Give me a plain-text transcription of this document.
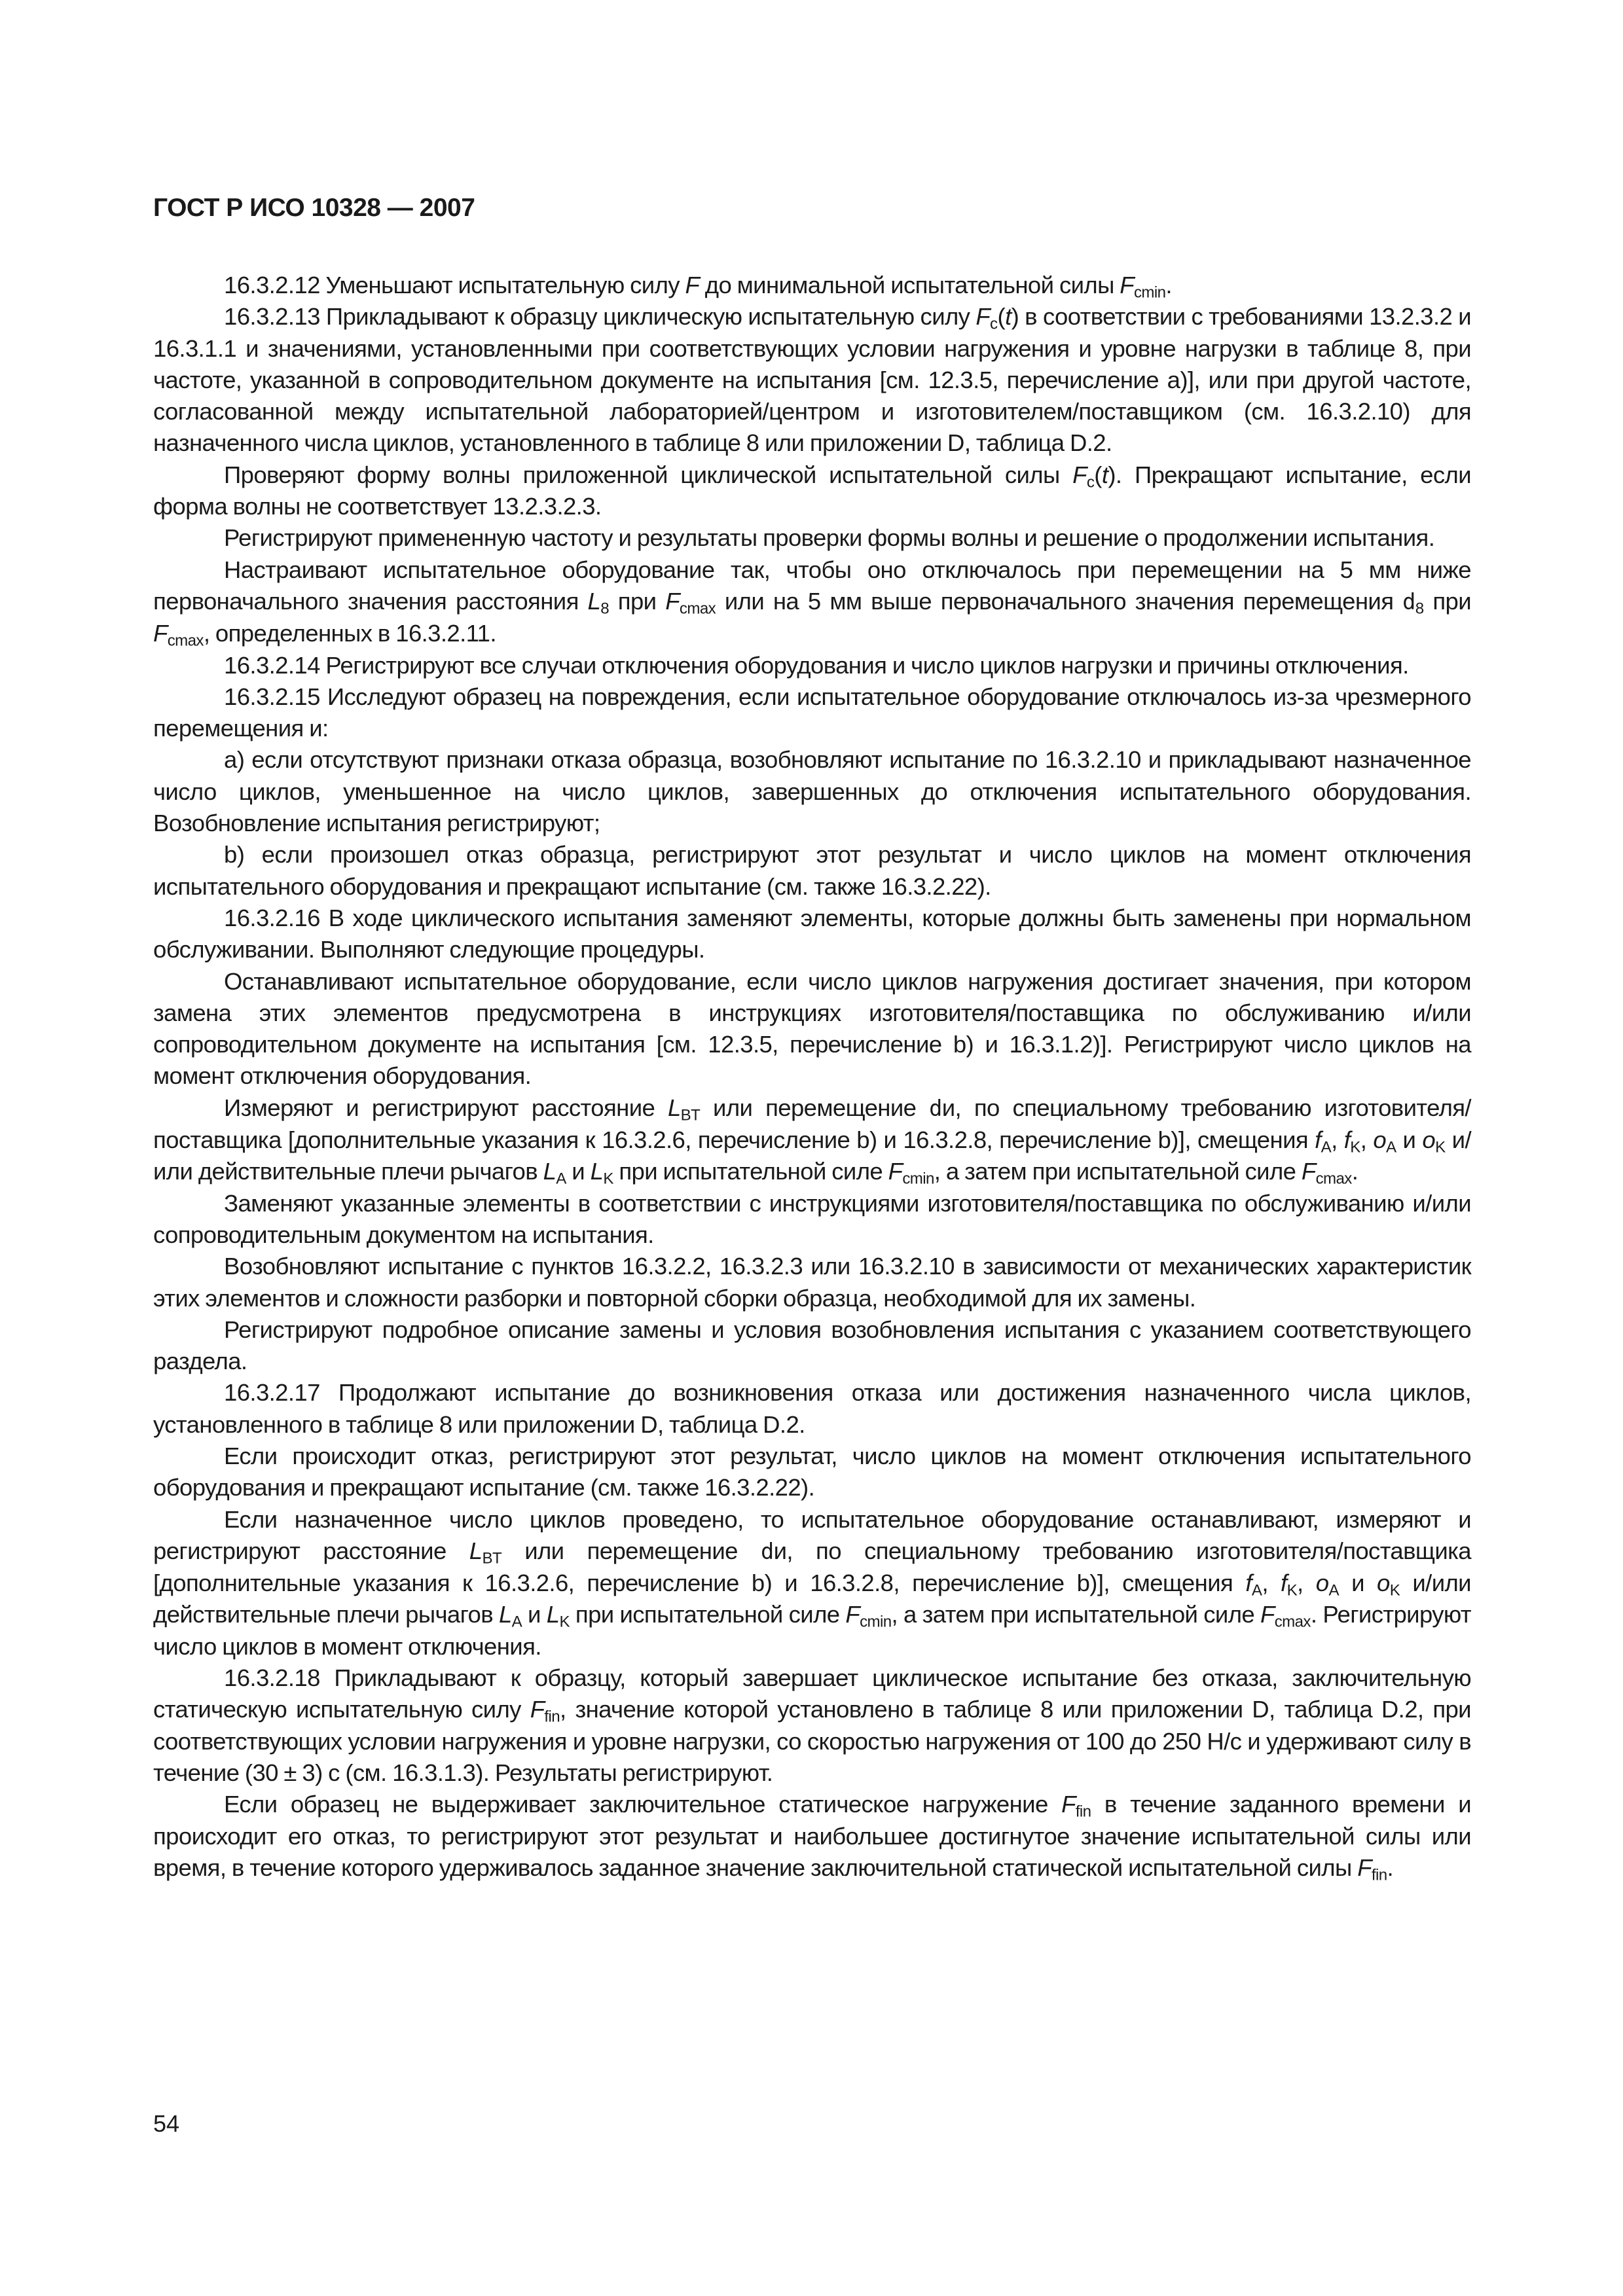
ГОСТ Р ИСО 10328 — 2007

16.3.2.12 Уменьшают испытательную силу F до минимальной испытательной силы $F_{cmin}$.

16.3.2.13 Прикладывают к образцу циклическую испытательную силу $F_c(t)$ в соответствии с требованиями 13.2.3.2 и 16.3.1.1 и значениями, установленными при соответствующих условии нагружения и уровне нагрузки в таблице 8, при частоте, указанной в сопроводительном документе на испытания [см. 12.3.5, перечисление a)], или при другой частоте, согласованной между испытательной лабораторией/центром и изготовителем/поставщиком (см. 16.3.2.10) для назначенного числа циклов, установленного в таблице 8 или приложении D, таблица D.2.

Проверяют форму волны приложенной циклической испытательной силы $F_c(t)$. Прекращают испытание, если форма волны не соответствует 13.2.3.2.3.

Регистрируют примененную частоту и результаты проверки формы волны и решение о продолжении испытания.

Настраивают испытательное оборудование так, чтобы оно отключалось при перемещении на 5 мм ниже первоначального значения расстояния $L_8$ при $F_{cmax}$ или на 5 мм выше первоначального значения перемещения $d_8$ при $F_{cmax}$, определенных в 16.3.2.11.

16.3.2.14 Регистрируют все случаи отключения оборудования и число циклов нагрузки и причины отключения.

16.3.2.15 Исследуют образец на повреждения, если испытательное оборудование отключалось из-за чрезмерного перемещения и:

a) если отсутствуют признаки отказа образца, возобновляют испытание по 16.3.2.10 и прикладывают назначенное число циклов, уменьшенное на число циклов, завершенных до отключения испытательного оборудования. Возобновление испытания регистрируют;

b) если произошел отказ образца, регистрируют этот результат и число циклов на момент отключения испытательного оборудования и прекращают испытание (см. также 16.3.2.22).

16.3.2.16 В ходе циклического испытания заменяют элементы, которые должны быть заменены при нормальном обслуживании. Выполняют следующие процедуры.

Останавливают испытательное оборудование, если число циклов нагружения достигает значения, при котором замена этих элементов предусмотрена в инструкциях изготовителя/поставщика по обслуживанию и/или сопроводительном документе на испытания [см. 12.3.5, перечисление b) и 16.3.1.2)]. Регистрируют число циклов на момент отключения оборудования.

Измеряют и регистрируют расстояние $L_{BT}$ или перемещение dи, по специальному требованию изготовителя/поставщика [дополнительные указания к 16.3.2.6, перечисление b) и 16.3.2.8, перечисление b)], смещения $f_A$, $f_K$, $o_A$ и $o_K$ и/или действительные плечи рычагов $L_A$ и $L_K$ при испытательной силе $F_{cmin}$, а затем при испытательной силе $F_{cmax}$.

Заменяют указанные элементы в соответствии с инструкциями изготовителя/поставщика по обслуживанию и/или сопроводительным документом на испытания.

Возобновляют испытание с пунктов 16.3.2.2, 16.3.2.3 или 16.3.2.10 в зависимости от механических характеристик этих элементов и сложности разборки и повторной сборки образца, необходимой для их замены.

Регистрируют подробное описание замены и условия возобновления испытания с указанием соответствующего раздела.

16.3.2.17 Продолжают испытание до возникновения отказа или достижения назначенного числа циклов, установленного в таблице 8 или приложении D, таблица D.2.

Если происходит отказ, регистрируют этот результат, число циклов на момент отключения испытательного оборудования и прекращают испытание (см. также 16.3.2.22).

Если назначенное число циклов проведено, то испытательное оборудование останавливают, измеряют и регистрируют расстояние $L_{BT}$ или перемещение dи, по специальному требованию изготовителя/поставщика [дополнительные указания к 16.3.2.6, перечисление b) и 16.3.2.8, перечисление b)], смещения $f_A$, $f_K$, $o_A$ и $o_K$ и/или действительные плечи рычагов $L_A$ и $L_K$ при испытательной силе $F_{cmin}$, а затем при испытательной силе $F_{cmax}$. Регистрируют число циклов в момент отключения.

16.3.2.18 Прикладывают к образцу, который завершает циклическое испытание без отказа, заключительную статическую испытательную силу $F_{fin}$, значение которой установлено в таблице 8 или приложении D, таблица D.2, при соответствующих условии нагружения и уровне нагрузки, со скоростью нагружения от 100 до 250 Н/с и удерживают силу в течение (30 ± 3) с (см. 16.3.1.3). Результаты регистрируют.

Если образец не выдерживает заключительное статическое нагружение $F_{fin}$ в течение заданного времени и происходит его отказ, то регистрируют этот результат и наибольшее достигнутое значение испытательной силы или время, в течение которого удерживалось заданное значение заключительной статической испытательной силы $F_{fin}$.

54
